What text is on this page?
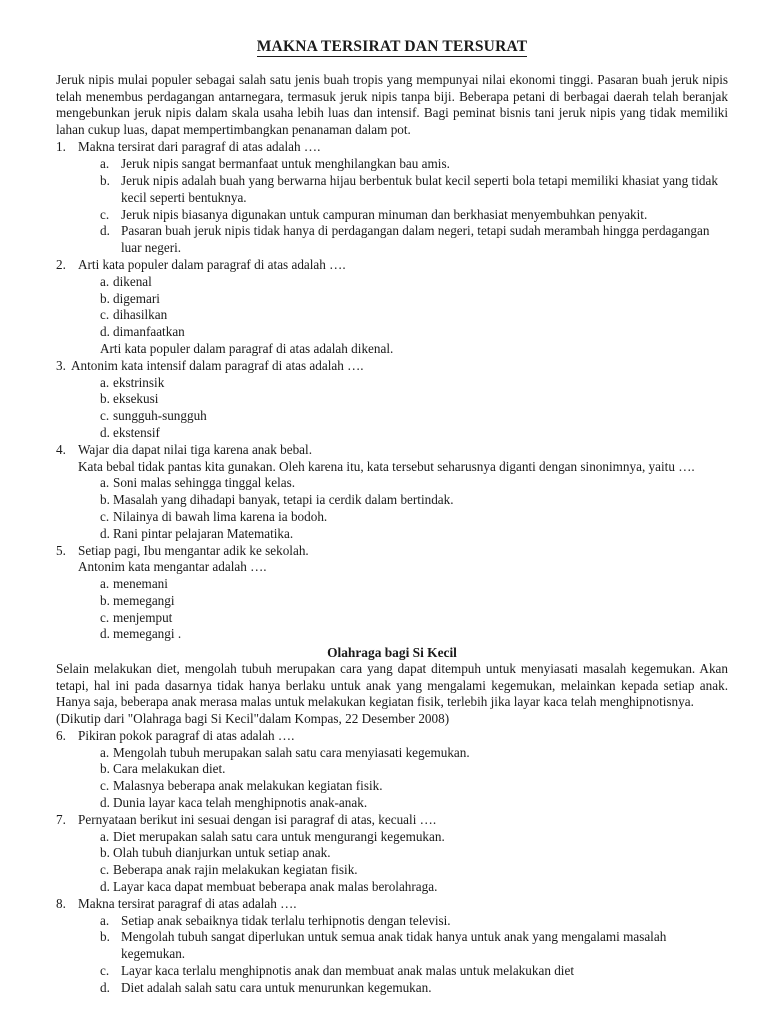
MAKNA TERSIRAT DAN TERSURAT

Jeruk nipis mulai populer sebagai salah satu jenis buah tropis yang mempunyai nilai ekonomi tinggi. Pasaran buah jeruk nipis telah menembus perdagangan antarnegara, termasuk jeruk nipis tanpa biji. Beberapa petani di berbagai daerah telah beranjak mengebunkan jeruk nipis dalam skala usaha lebih luas dan intensif. Bagi peminat bisnis tani jeruk nipis yang tidak memiliki lahan cukup luas, dapat mempertimbangkan penanaman dalam pot.

1. Makna tersirat dari paragraf di atas adalah ….
a. Jeruk nipis sangat bermanfaat untuk menghilangkan bau amis.
b. Jeruk nipis adalah buah yang berwarna hijau berbentuk bulat kecil seperti bola tetapi memiliki khasiat yang tidak kecil seperti bentuknya.
c. Jeruk nipis biasanya digunakan untuk campuran minuman dan berkhasiat menyembuhkan penyakit.
d. Pasaran buah jeruk nipis tidak hanya di perdagangan dalam negeri, tetapi sudah merambah hingga perdagangan luar negeri.
2. Arti kata populer dalam paragraf di atas adalah ….
a. dikenal
b. digemari
c. dihasilkan
d. dimanfaatkan
Arti kata populer dalam paragraf di atas adalah dikenal.
3. Antonim kata intensif dalam paragraf di atas adalah ….
a. ekstrinsik
b. eksekusi
c. sungguh-sungguh
d. ekstensif
4. Wajar dia dapat nilai tiga karena anak bebal.
Kata bebal tidak pantas kita gunakan. Oleh karena itu, kata tersebut seharusnya diganti dengan sinonimnya, yaitu ….
a. Soni malas sehingga tinggal kelas.
b. Masalah yang dihadapi banyak, tetapi ia cerdik dalam bertindak.
c. Nilainya di bawah lima karena ia bodoh.
d. Rani pintar pelajaran Matematika.
5. Setiap pagi, Ibu mengantar adik ke sekolah.
Antonim kata mengantar adalah ….
a. menemani
b. memegangi
c. menjemput
d. memegangi .
Olahraga bagi Si Kecil

Selain melakukan diet, mengolah tubuh merupakan cara yang dapat ditempuh untuk menyiasati masalah kegemukan. Akan tetapi, hal ini pada dasarnya tidak hanya berlaku untuk anak yang mengalami kegemukan, melainkan kepada setiap anak. Hanya saja, beberapa anak merasa malas untuk melakukan kegiatan fisik, terlebih jika layar kaca telah menghipnotisnya.

(Dikutip dari "Olahraga bagi Si Kecil"dalam Kompas, 22 Desember 2008)

6. Pikiran pokok paragraf di atas adalah ….
a. Mengolah tubuh merupakan salah satu cara menyiasati kegemukan.
b. Cara melakukan diet.
c. Malasnya beberapa anak melakukan kegiatan fisik.
d. Dunia layar kaca telah menghipnotis anak-anak.
7. Pernyataan berikut ini sesuai dengan isi paragraf di atas, kecuali ….
a. Diet merupakan salah satu cara untuk mengurangi kegemukan.
b. Olah tubuh dianjurkan untuk setiap anak.
c. Beberapa anak rajin melakukan kegiatan fisik.
d. Layar kaca dapat membuat beberapa anak malas berolahraga.
8. Makna tersirat paragraf di atas adalah ….
a. Setiap anak sebaiknya tidak terlalu terhipnotis dengan televisi.
b. Mengolah tubuh sangat diperlukan untuk semua anak tidak hanya untuk anak yang mengalami masalah kegemukan.
c. Layar kaca terlalu menghipnotis anak dan membuat anak malas untuk melakukan diet
d. Diet adalah salah satu cara untuk menurunkan kegemukan.
